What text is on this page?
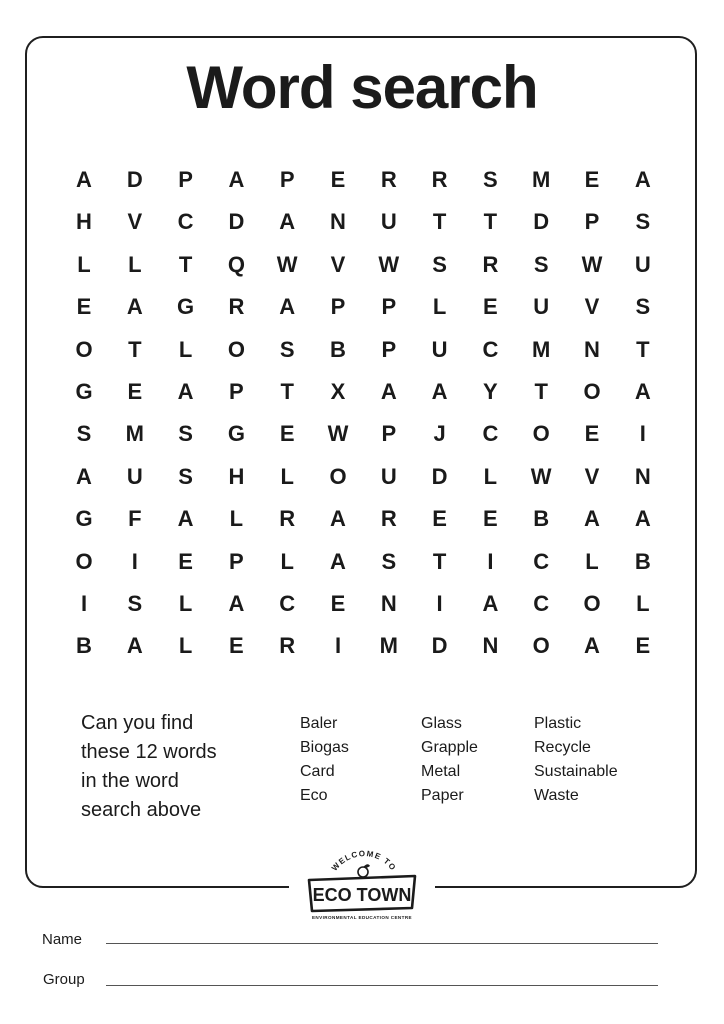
Word search
A D P A P E R R S M E A
H V C D A N U T T D P S
L L T Q W V W S R S W U
E A G R A P P L E U V S
O T L O S B P U C M N T
G E A P T X A A Y T O A
S M S G E W P J C O E	I
A U S H L O U D L W V N
G F A L R A R E E B A A
O	I	E P L A S T	I	C L B
I	S L A C E N	I	A C O L
B A L E R	I	M D N O A E
Can you find
these 12 words
in the word
search above
Baler
Biogas
Card
Eco
Glass
Grapple
Metal
Paper
Plastic
Recycle
Sustainable
Waste
WELCOME TO
ECO TOWN
ENVIRONMENTAL EDUCATION CENTRE
Name
Group
